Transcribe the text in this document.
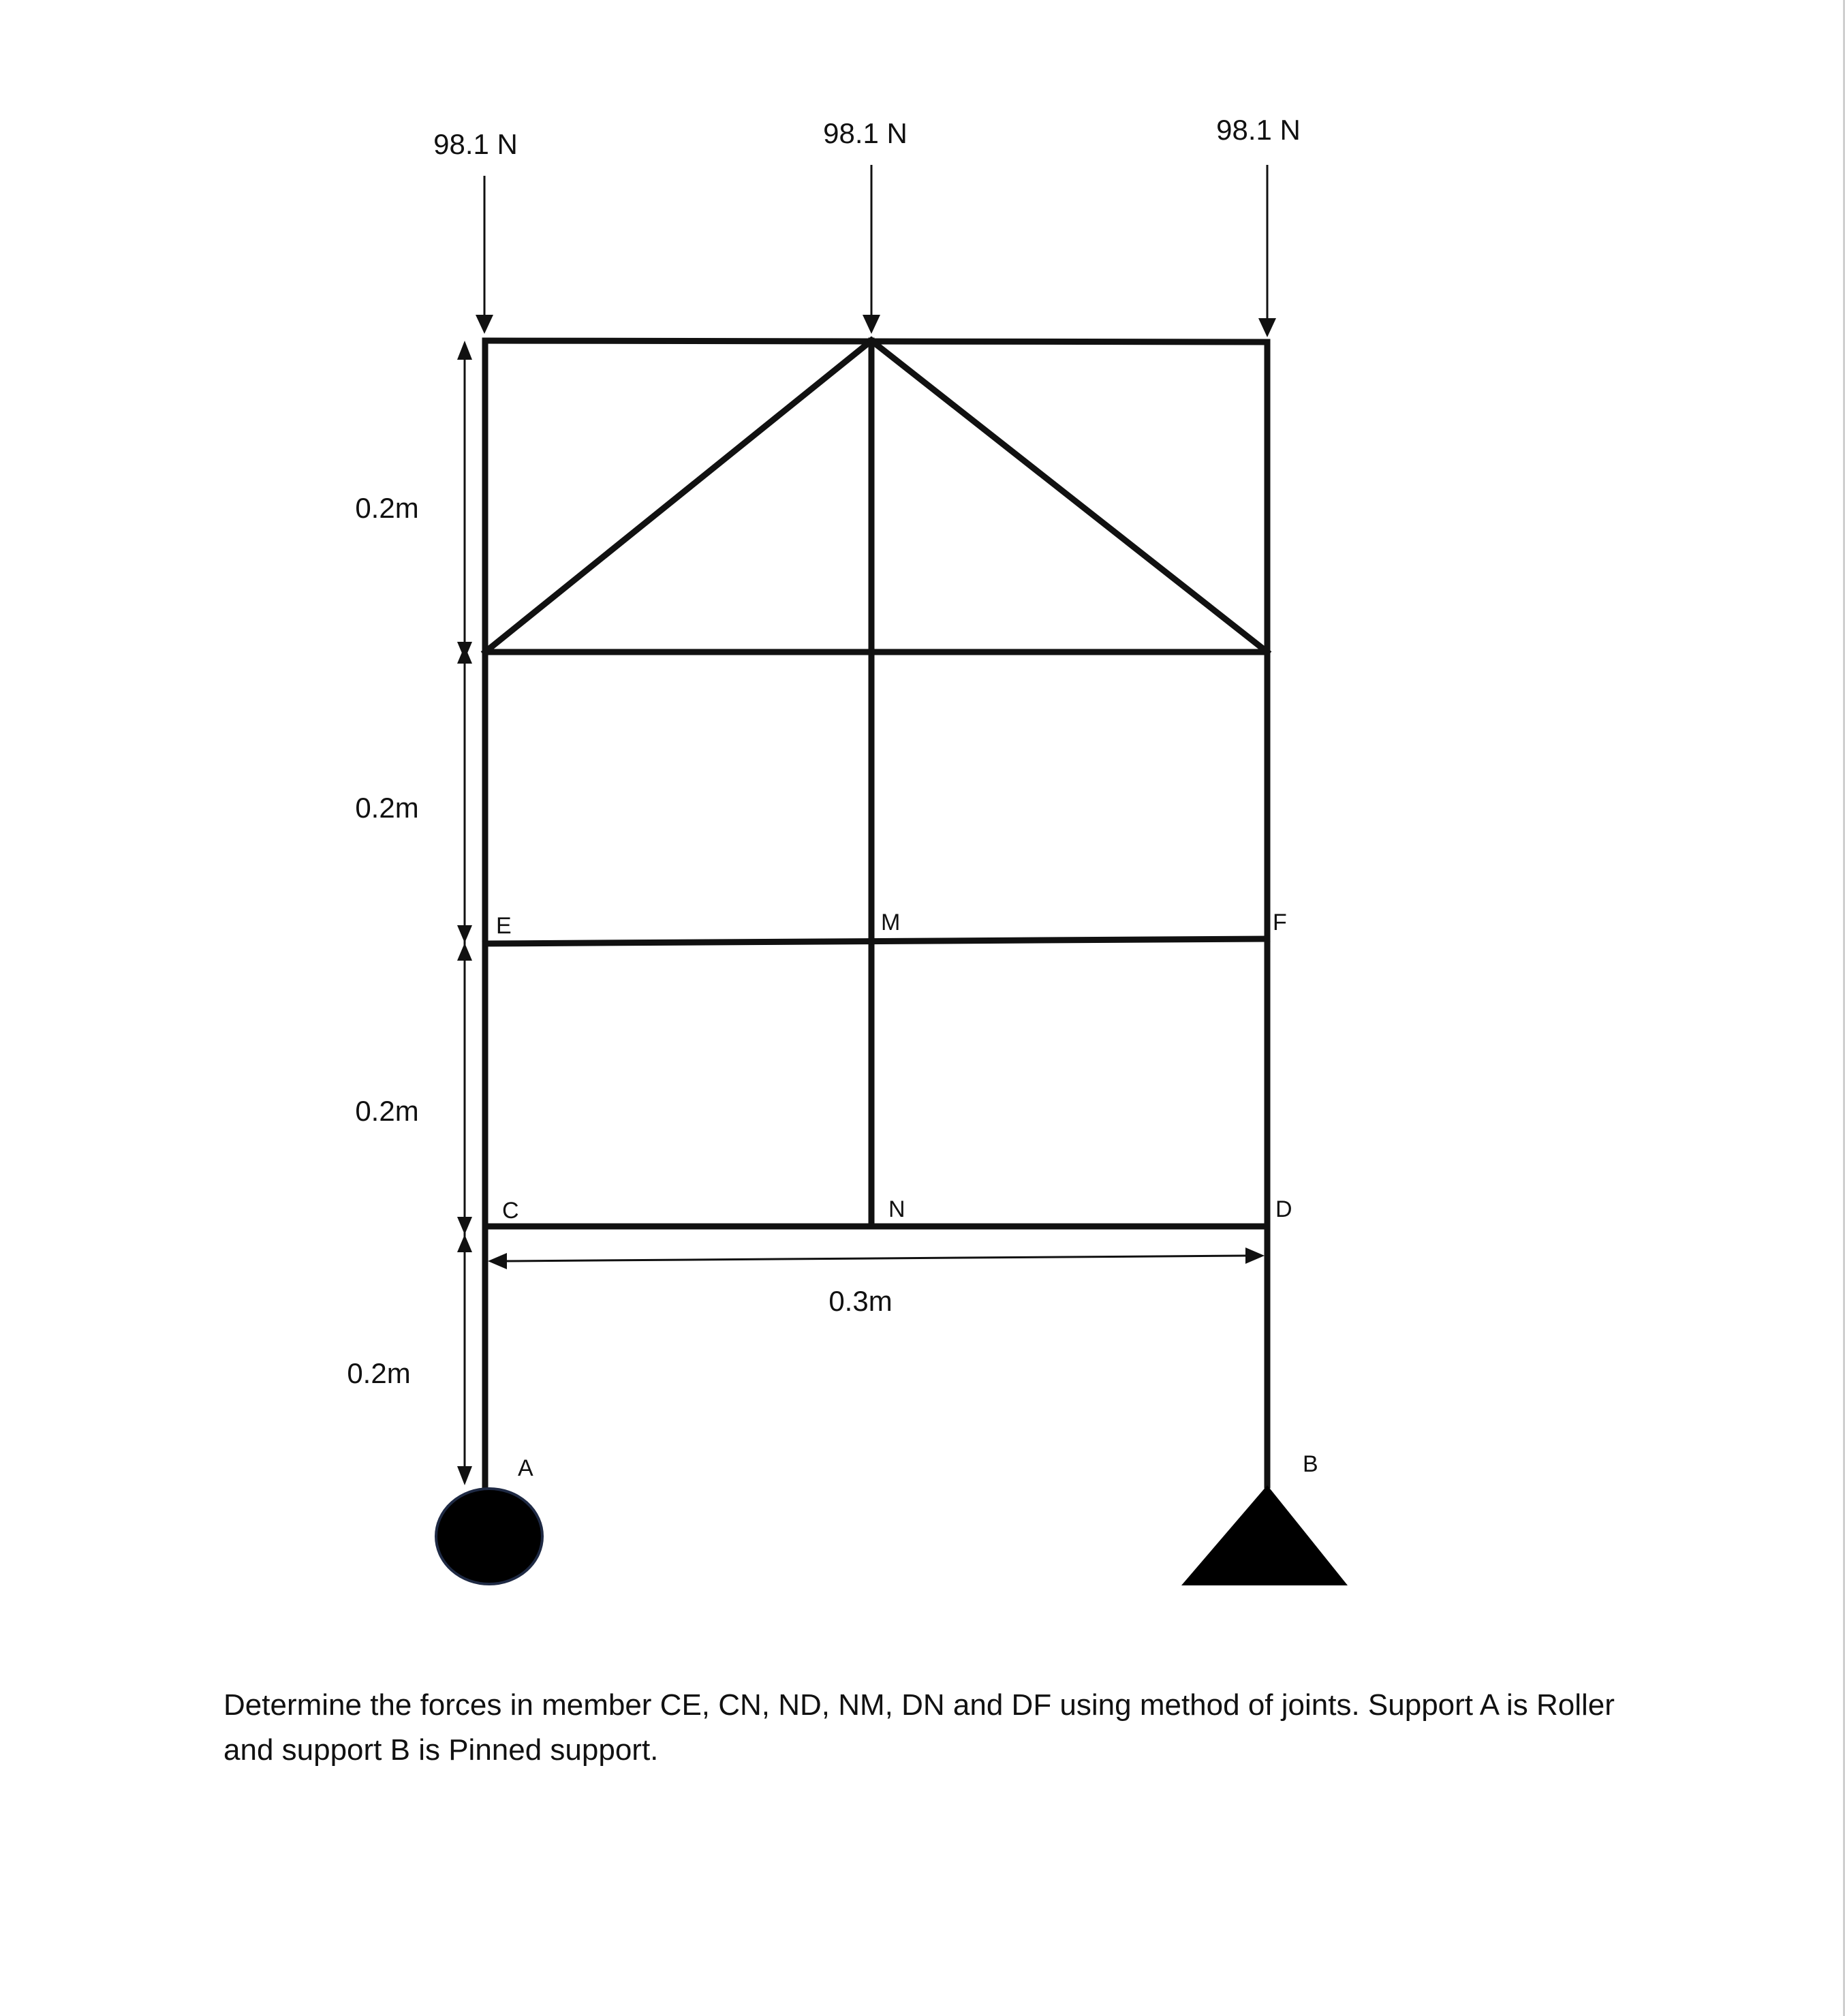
98.1 N	98.1 N	98.1 N
0.2m
0.2m
0.2m
0.2m
0.3m
E	M	F
C	N	D
A	B
Determine the forces in member CE, CN, ND, NM, DN and DF using method of joints. Support A is Roller and support B is Pinned support.
